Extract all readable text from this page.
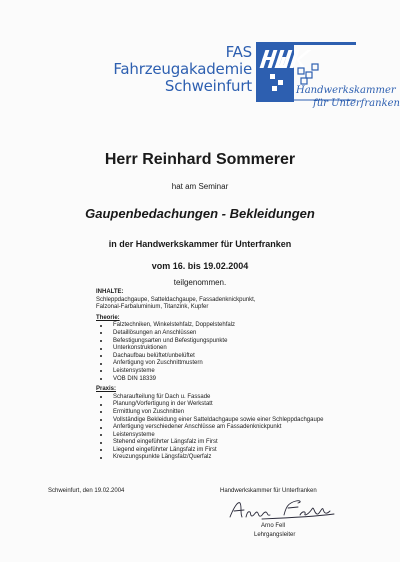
FAS
Fahrzeugakademie
Schweinfurt	Handwerkskammer
für Unterfranken
Herr Reinhard Sommerer
hat am Seminar
Gaupenbedachungen - Bekleidungen
in der Handwerkskammer für Unterfranken
vom 16. bis 19.02.2004
teilgenommen.
INHALTE:
Schleppdachgaupe, Satteldachgaupe, Fassadenknickpunkt,
Falzonal-Farbaluminium, Titanzink, Kupfer
Theorie:
Falztechniken, Winkelstehfalz, Doppelstehfalz
Detaillösungen an Anschlüssen
Befestigungsarten und Befestigungspunkte
Unterkonstruktionen
Dachaufbau belüftet/unbelüftet
Anfertigung von Zuschnittmustern
Leistensysteme
VOB DIN 18339
Praxis:
Scharaufteilung für Dach u. Fassade
Planung/Vorfertigung in der Werkstatt
Ermittlung von Zuschnitten
Vollständige Bekleidung einer Satteldachgaupe sowie einer Schleppdachgaupe
Anfertigung verschiedener Anschlüsse am Fassadenknickpunkt
Leistensysteme
Stehend eingeführter Längsfalz im First
Liegend eingeführter Längsfalz im First
Kreuzungspunkte Längsfalz/Querfalz
Schweinfurt, den 19.02.2004	Handwerkskammer für Unterfranken
Arno Fell
Lehrgangsleiter
